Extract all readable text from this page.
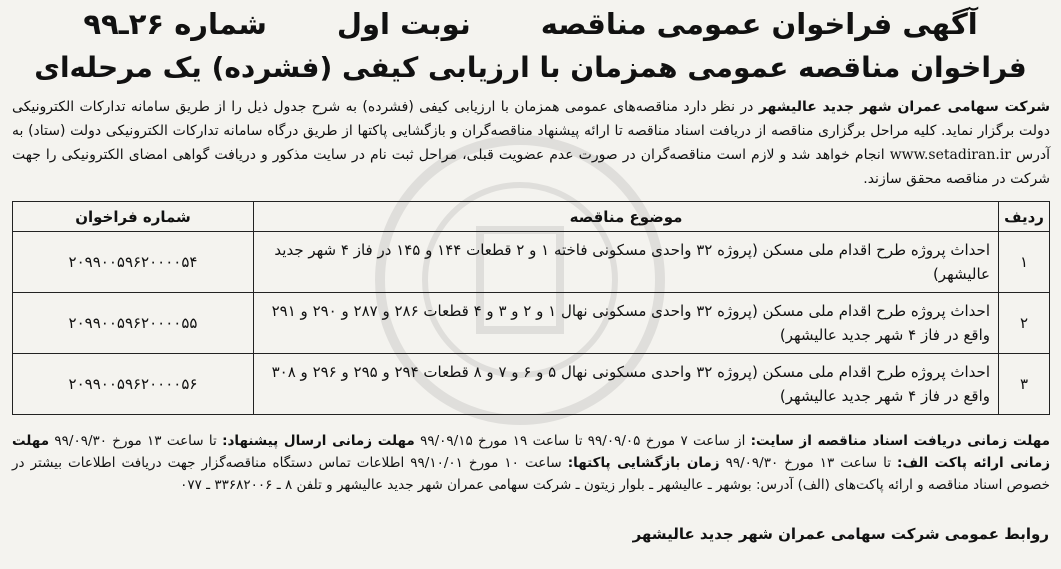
آگهی فراخوان عمومی مناقصه
نوبت اول
شماره ۲۶ـ۹۹
فراخوان مناقصه عمومی همزمان با ارزیابی کیفی (فشرده) یک مرحله‌ای
شرکت سهامی عمران شهر جدید عالیشهر در نظر دارد مناقصه‌های عمومی همزمان با ارزیابی کیفی (فشرده) به شرح جدول ذیل را از طریق سامانه تدارکات الکترونیکی دولت برگزار نماید. کلیه مراحل برگزاری مناقصه از دریافت اسناد مناقصه تا ارائه پیشنهاد مناقصه‌گران و بازگشایی پاکتها از طریق درگاه سامانه تدارکات الکترونیکی دولت (ستاد) به آدرس www.setadiran.ir انجام خواهد شد و لازم است مناقصه‌گران در صورت عدم عضویت قبلی، مراحل ثبت نام در سایت مذکور و دریافت گواهی امضای الکترونیکی را جهت شرکت در مناقصه محقق سازند.
ردیف	موضوع مناقصه	شماره فراخوان
۱	احداث پروژه طرح اقدام ملی مسکن (پروژه ۳۲ واحدی مسکونی فاخته ۱ و ۲ قطعات ۱۴۴ و ۱۴۵ در فاز ۴ شهر جدید عالیشهر)	۲۰۹۹۰۰۵۹۶۲۰۰۰۰۵۴
۲	احداث پروژه طرح اقدام ملی مسکن (پروژه ۳۲ واحدی مسکونی نهال ۱ و ۲ و ۳ و ۴ قطعات ۲۸۶ و ۲۸۷ و ۲۹۰ و ۲۹۱ واقع در فاز ۴ شهر جدید عالیشهر)	۲۰۹۹۰۰۵۹۶۲۰۰۰۰۵۵
۳	احداث پروژه طرح اقدام ملی مسکن (پروژه ۳۲ واحدی مسکونی نهال ۵ و ۶ و ۷ و ۸ قطعات ۲۹۴ و ۲۹۵ و ۲۹۶ و ۳۰۸ واقع در فاز ۴ شهر جدید عالیشهر)	۲۰۹۹۰۰۵۹۶۲۰۰۰۰۵۶
مهلت زمانی دریافت اسناد مناقصه از سایت: از ساعت ۷ مورخ ۹۹/۰۹/۰۵ تا ساعت ۱۹ مورخ ۹۹/۰۹/۱۵ مهلت زمانی ارسال پیشنهاد: تا ساعت ۱۳ مورخ ۹۹/۰۹/۳۰ مهلت زمانی ارائه پاکت الف: تا ساعت ۱۳ مورخ ۹۹/۰۹/۳۰ زمان بازگشایی پاکتها: ساعت ۱۰ مورخ ۹۹/۱۰/۰۱ اطلاعات تماس دستگاه مناقصه‌گزار جهت دریافت اطلاعات بیشتر در خصوص اسناد مناقصه و ارائه پاکت‌های (الف) آدرس: بوشهر ـ عالیشهر ـ بلوار زیتون ـ شرکت سهامی عمران شهر جدید عالیشهر و تلفن ۸ ـ ۳۳۶۸۲۰۰۶ ـ ۰۷۷
روابط عمومی شرکت سهامی عمران شهر جدید عالیشهر
